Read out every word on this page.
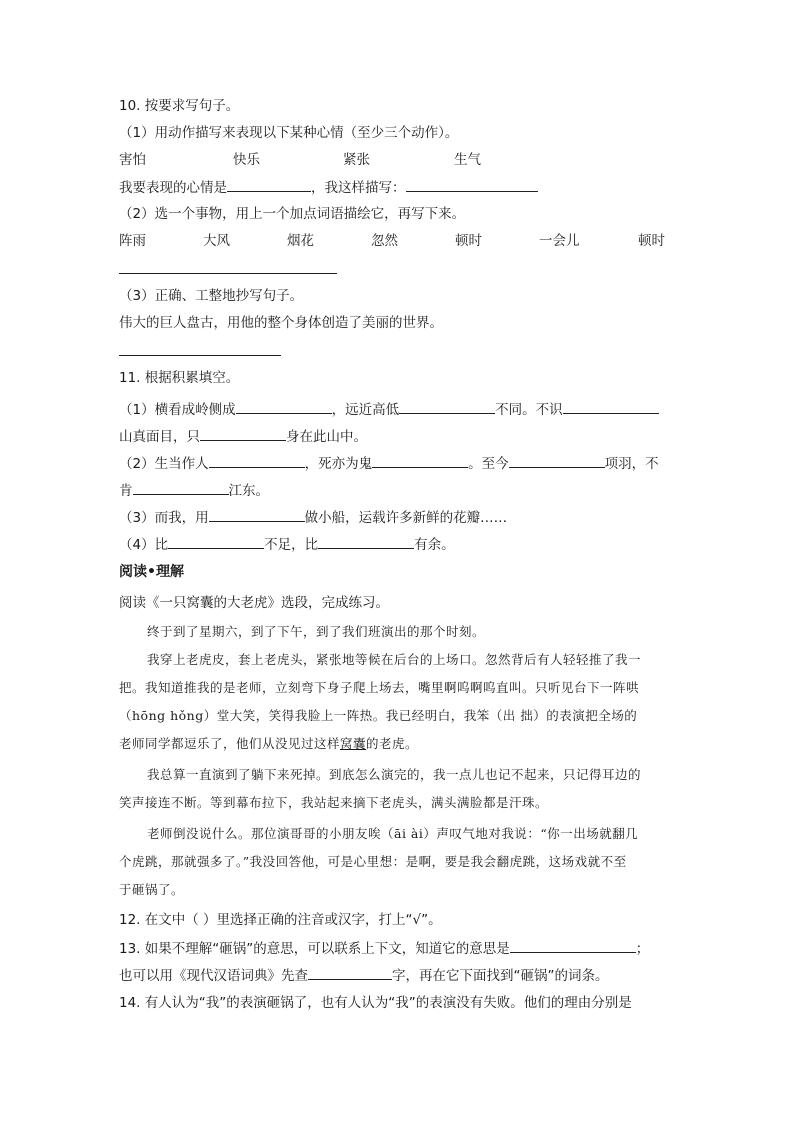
10. 按要求写句子。
（1）用动作描写来表现以下某种心情（至少三个动作）。
害怕	快乐	紧张	生气
我要表现的心情是	，我这样描写：
（2）选一个事物，用上一个加点词语描绘它，再写下来。
阵雨	大风	烟花	忽然	顿时	一会儿	顿时
（3）正确、工整地抄写句子。
伟大的巨人盘古，用他的整个身体创造了美丽的世界。
11. 根据积累填空。
（1）横看成岭侧成	，远近高低	不同。不识
山真面目，只	身在此山中。
（2）生当作人	，死亦为鬼	。至今	项羽，不
肯	江东。
（3）而我，用	做小船，运载许多新鲜的花瓣……
（4）比	不足，比	有余。
阅读•理解
阅读《一只窝囊的大老虎》选段，完成练习。
终于到了星期六，到了下午，到了我们班演出的那个时刻。
我穿上老虎皮，套上老虎头，紧张地等候在后台的上场口。忽然背后有人轻轻推了我一
把。我知道推我的是老师，立刻弯下身子爬上场去，嘴里啊呜啊呜直叫。只听见台下一阵哄
（hōng hǒng）堂大笑，笑得我脸上一阵热。我已经明白，我笨（出 拙）的表演把全场的
老师同学都逗乐了，他们从没见过这样窝囊的老虎。
我总算一直演到了躺下来死掉。到底怎么演完的，我一点儿也记不起来，只记得耳边的
笑声接连不断。等到幕布拉下，我站起来摘下老虎头，满头满脸都是汗珠。
老师倒没说什么。那位演哥哥的小朋友唉（āi ài）声叹气地对我说：“你一出场就翻几
个虎跳，那就强多了。”我没回答他，可是心里想：是啊，要是我会翻虎跳，这场戏就不至
于砸锅了。
12. 在文中（ ）里选择正确的注音或汉字，打上“√”。
13. 如果不理解“砸锅”的意思，可以联系上下文，知道它的意思是	；
也可以用《现代汉语词典》先查	字，再在它下面找到“砸锅”的词条。
14. 有人认为“我”的表演砸锅了，也有人认为“我”的表演没有失败。他们的理由分别是
